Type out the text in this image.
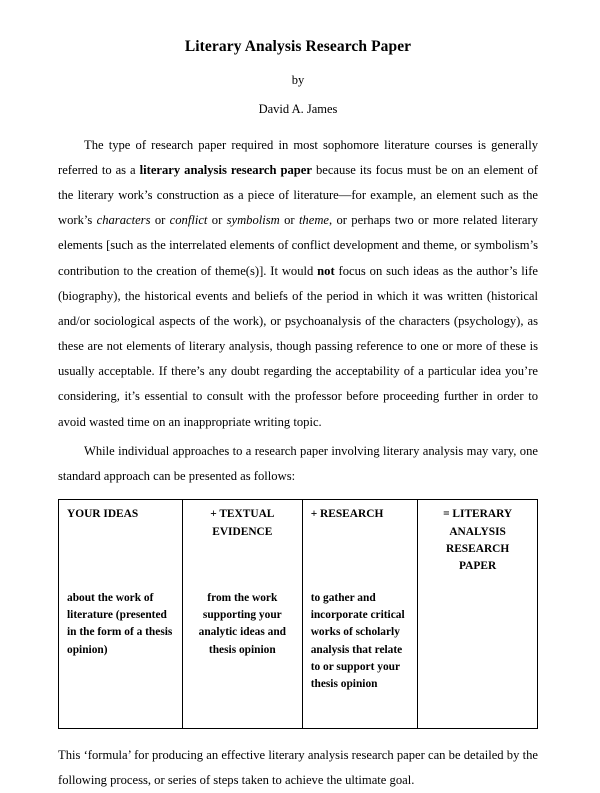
Literary Analysis Research Paper
by
David A. James

The type of research paper required in most sophomore literature courses is generally referred to as a literary analysis research paper because its focus must be on an element of the literary work’s construction as a piece of literature—for example, an element such as the work’s characters or conflict or symbolism or theme, or perhaps two or more related literary elements [such as the interrelated elements of conflict development and theme, or symbolism’s contribution to the creation of theme(s)]. It would not focus on such ideas as the author’s life (biography), the historical events and beliefs of the period in which it was written (historical and/or sociological aspects of the work), or psychoanalysis of the characters (psychology), as these are not elements of literary analysis, though passing reference to one or more of these is usually acceptable. If there’s any doubt regarding the acceptability of a particular idea you’re considering, it’s essential to consult with the professor before proceeding further in order to avoid wasted time on an inappropriate writing topic.

While individual approaches to a research paper involving literary analysis may vary, one standard approach can be presented as follows:

YOUR IDEAS	+ TEXTUAL EVIDENCE	+ RESEARCH	= LITERARY ANALYSIS RESEARCH PAPER
about the work of literature (presented in the form of a thesis opinion)	from the work supporting your analytic ideas and thesis opinion	to gather and incorporate critical works of scholarly analysis that relate to or support your thesis opinion	

This ‘formula’ for producing an effective literary analysis research paper can be detailed by the following process, or series of steps taken to achieve the ultimate goal.
